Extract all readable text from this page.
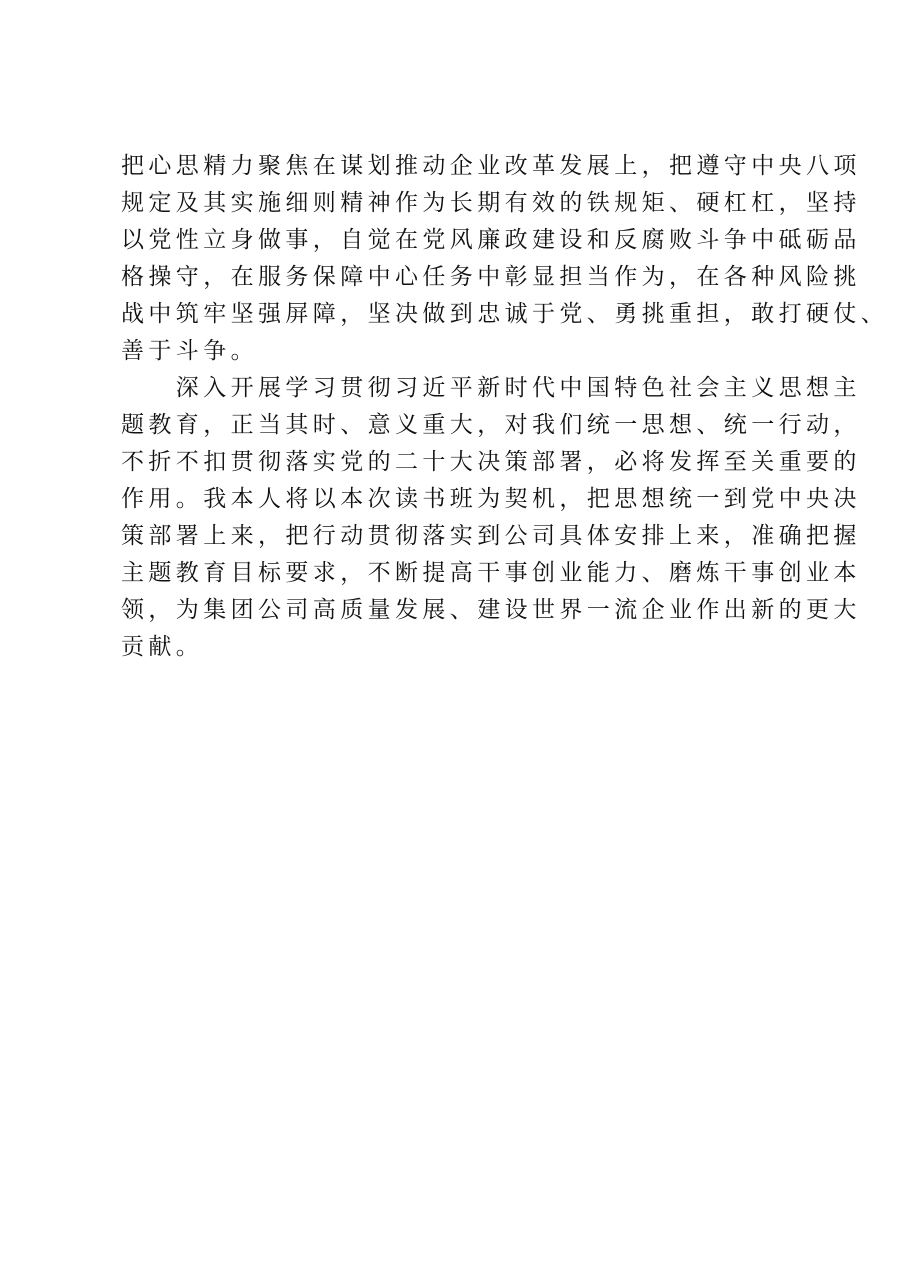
把心思精力聚焦在谋划推动企业改革发展上，把遵守中央八项
规定及其实施细则精神作为长期有效的铁规矩、硬杠杠，坚持
以党性立身做事，自觉在党风廉政建设和反腐败斗争中砥砺品
格操守，在服务保障中心任务中彰显担当作为，在各种风险挑
战中筑牢坚强屏障，坚决做到忠诚于党、勇挑重担，敢打硬仗、
善于斗争。
　　深入开展学习贯彻习近平新时代中国特色社会主义思想主
题教育，正当其时、意义重大，对我们统一思想、统一行动，
不折不扣贯彻落实党的二十大决策部署，必将发挥至关重要的
作用。我本人将以本次读书班为契机，把思想统一到党中央决
策部署上来，把行动贯彻落实到公司具体安排上来，准确把握
主题教育目标要求，不断提高干事创业能力、磨炼干事创业本
领，为集团公司高质量发展、建设世界一流企业作出新的更大
贡献。
